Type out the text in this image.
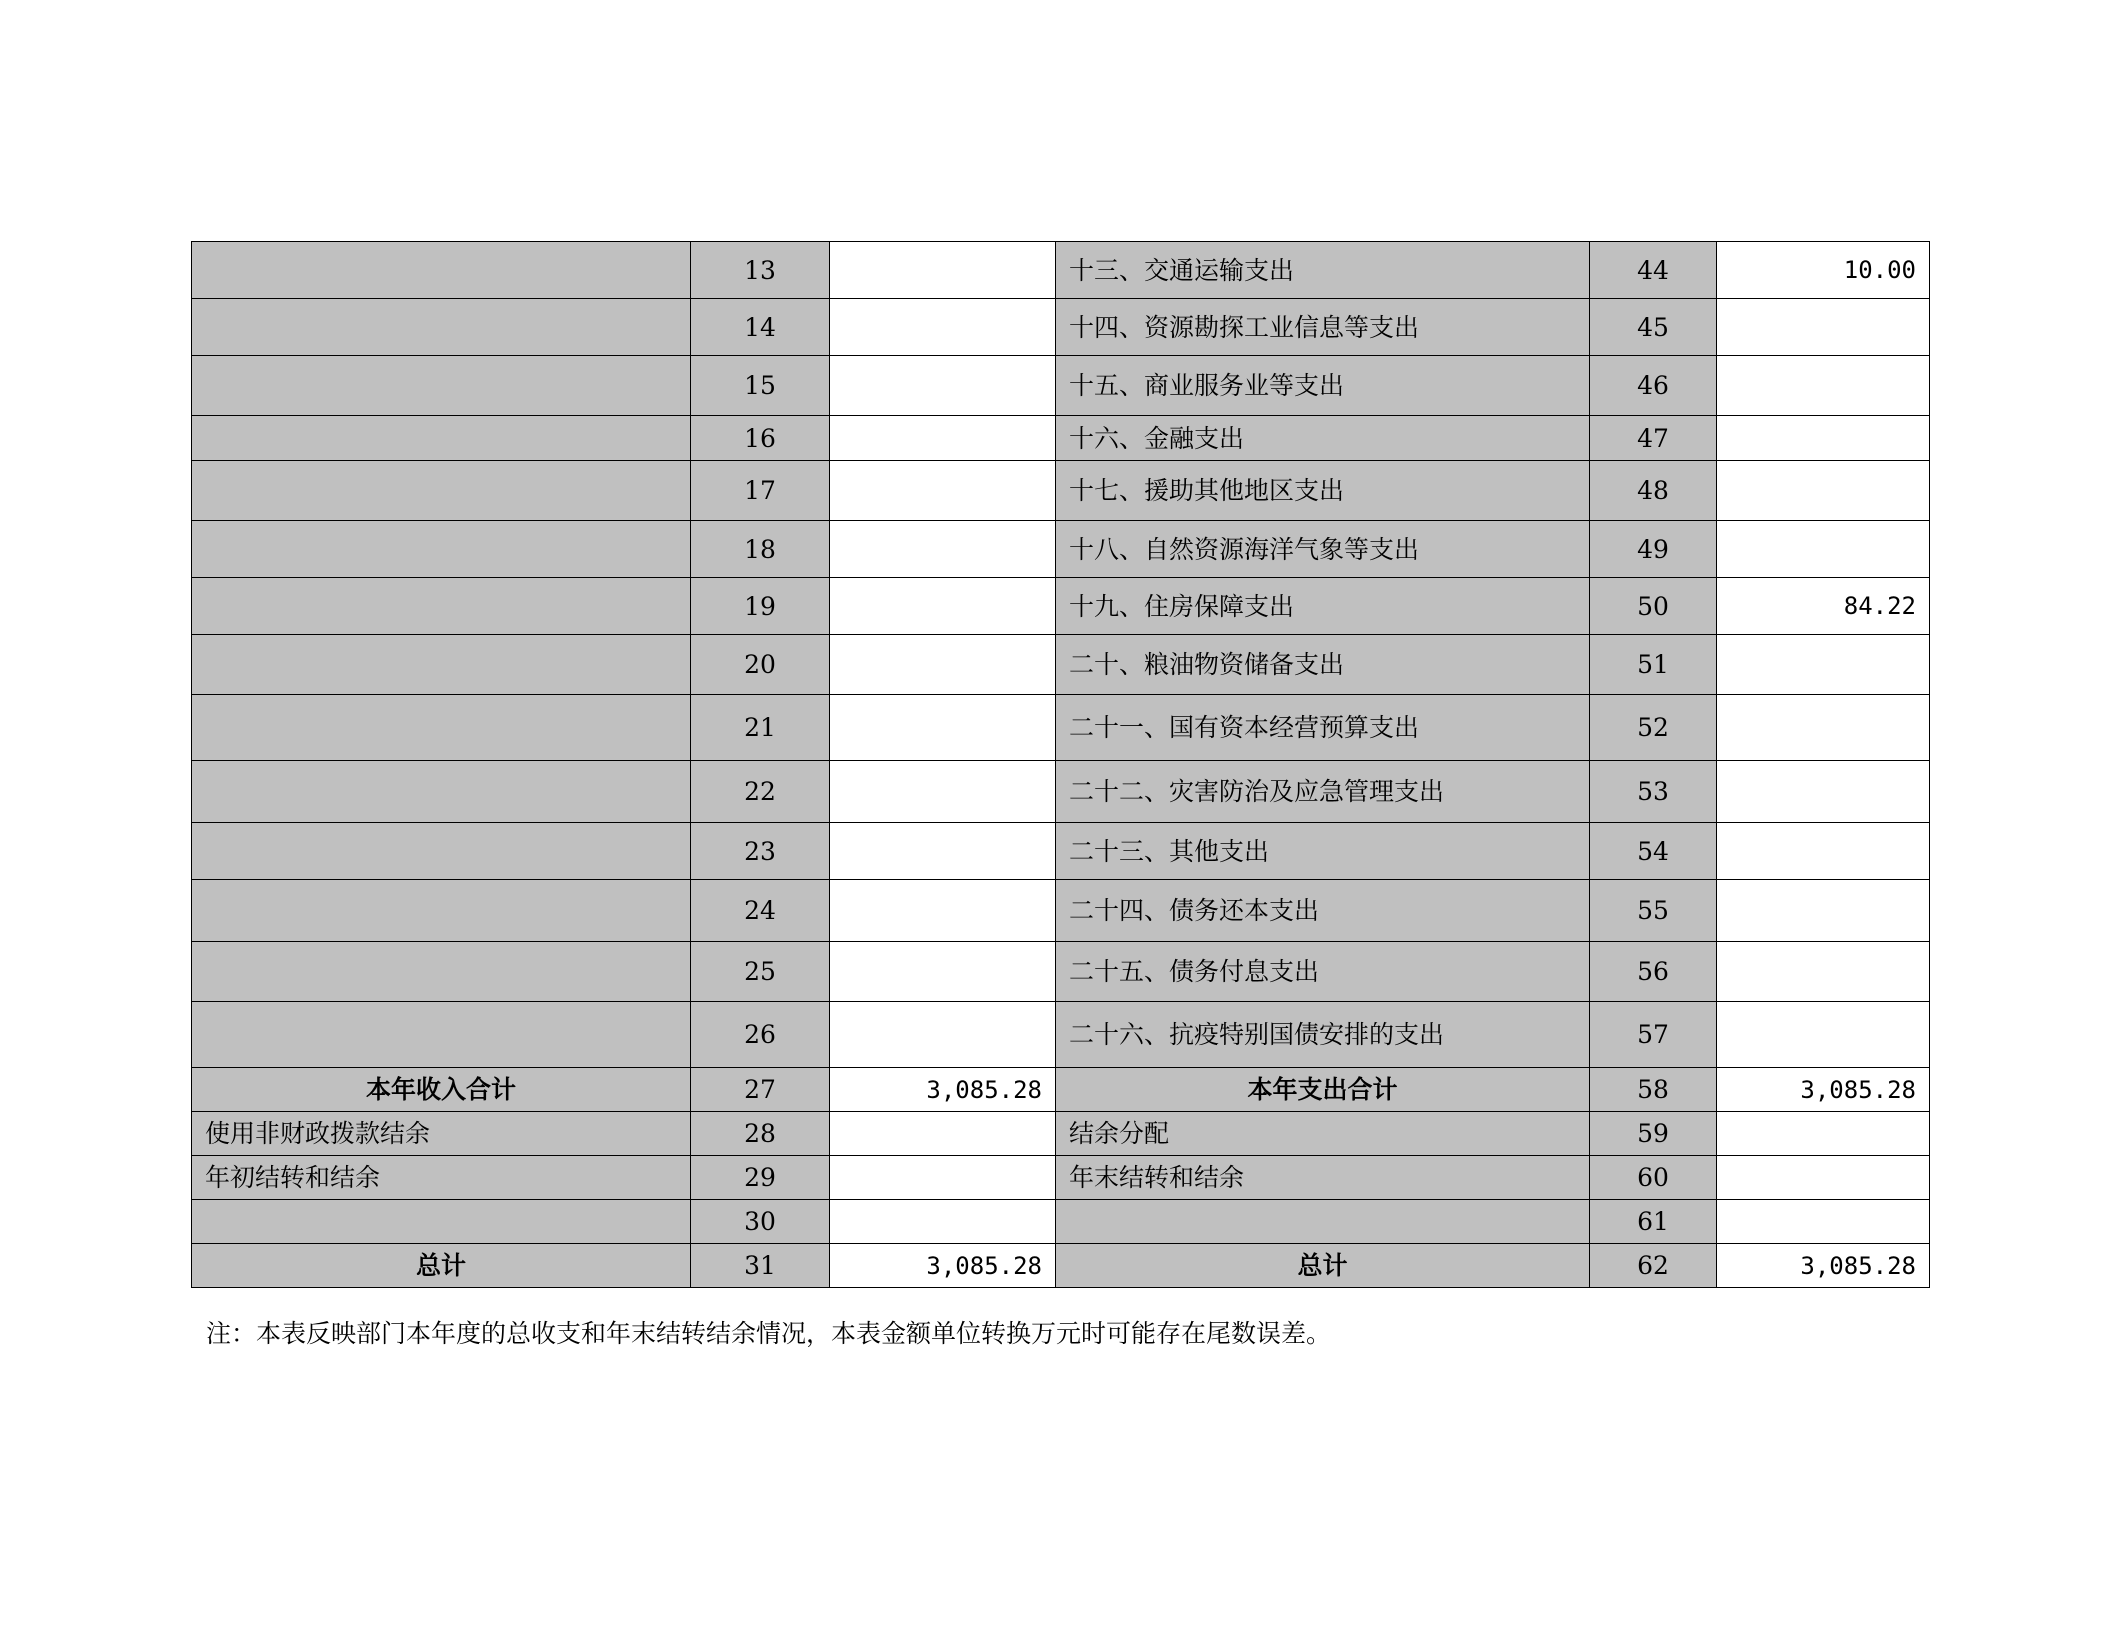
	13		十三、交通运输支出	44	10.00
	14		十四、资源勘探工业信息等支出	45	
	15		十五、商业服务业等支出	46	
	16		十六、金融支出	47	
	17		十七、援助其他地区支出	48	
	18		十八、自然资源海洋气象等支出	49	
	19		十九、住房保障支出	50	84.22
	20		二十、粮油物资储备支出	51	
	21		二十一、国有资本经营预算支出	52	
	22		二十二、灾害防治及应急管理支出	53	
	23		二十三、其他支出	54	
	24		二十四、债务还本支出	55	
	25		二十五、债务付息支出	56	
	26		二十六、抗疫特别国债安排的支出	57	
本年收入合计	27	3,085.28	本年支出合计	58	3,085.28
使用非财政拨款结余	28		结余分配	59	
年初结转和结余	29		年末结转和结余	60	
	30			61	
总计	31	3,085.28	总计	62	3,085.28
注：本表反映部门本年度的总收支和年末结转结余情况，本表金额单位转换万元时可能存在尾数误差。
